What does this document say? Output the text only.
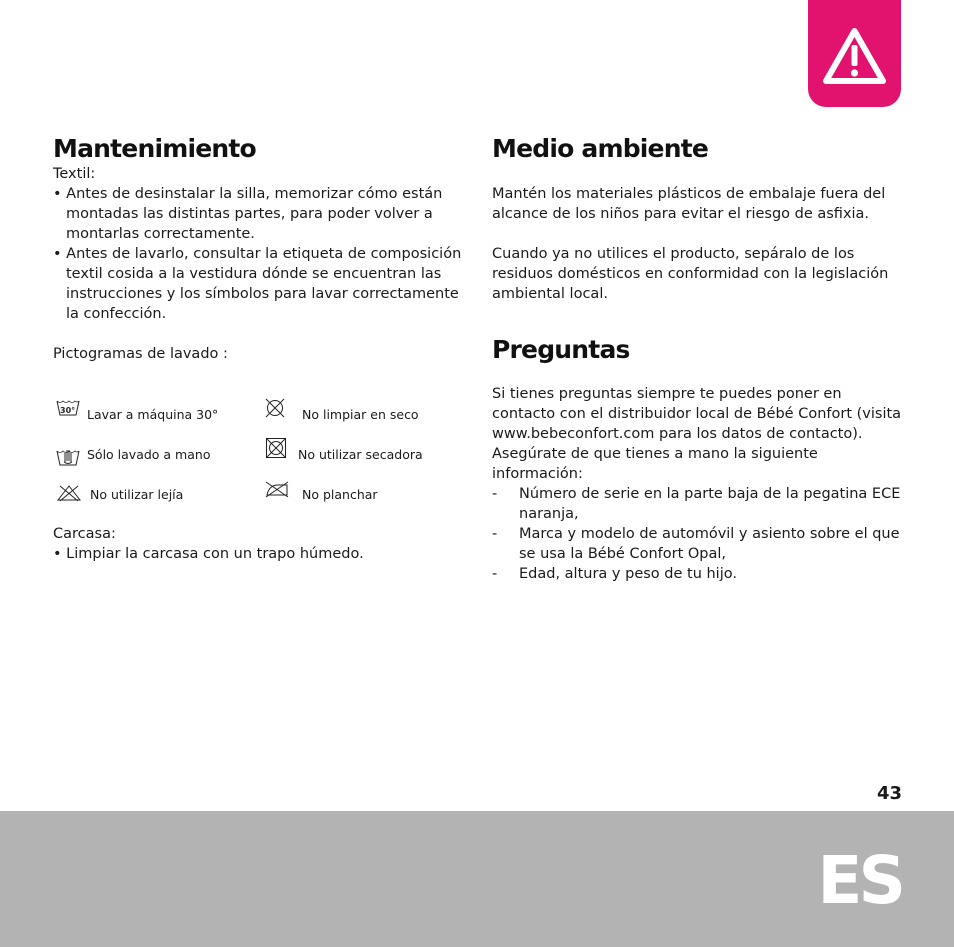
Mantenimiento

Textil:

• Antes de desinstalar la silla, memorizar cómo están montadas las distintas partes, para poder volver a montarlas correctamente.
• Antes de lavarlo, consultar la etiqueta de composición textil cosida a la vestidura dónde se encuentran las instrucciones y los símbolos para lavar correctamente la confección.

Pictogramas de lavado :

30° Lavar a máquina 30°	No limpiar en seco
Sólo lavado a mano	No utilizar secadora
No utilizar lejía	No planchar

Carcasa:

• Limpiar la carcasa con un trapo húmedo.
Medio ambiente

Mantén los materiales plásticos de embalaje fuera del alcance de los niños para evitar el riesgo de asfixia.

Cuando ya no utilices el producto, sepáralo de los residuos domésticos en conformidad con la legislación ambiental local.

Preguntas

Si tienes preguntas siempre te puedes poner en contacto con el distribuidor local de Bébé Confort (visita www.bebeconfort.com para los datos de contacto). Asegúrate de que tienes a mano la siguiente información:

- Número de serie en la parte baja de la pegatina ECE naranja,
- Marca y modelo de automóvil y asiento sobre el que se usa la Bébé Confort Opal,
- Edad, altura y peso de tu hijo.
43
ES
